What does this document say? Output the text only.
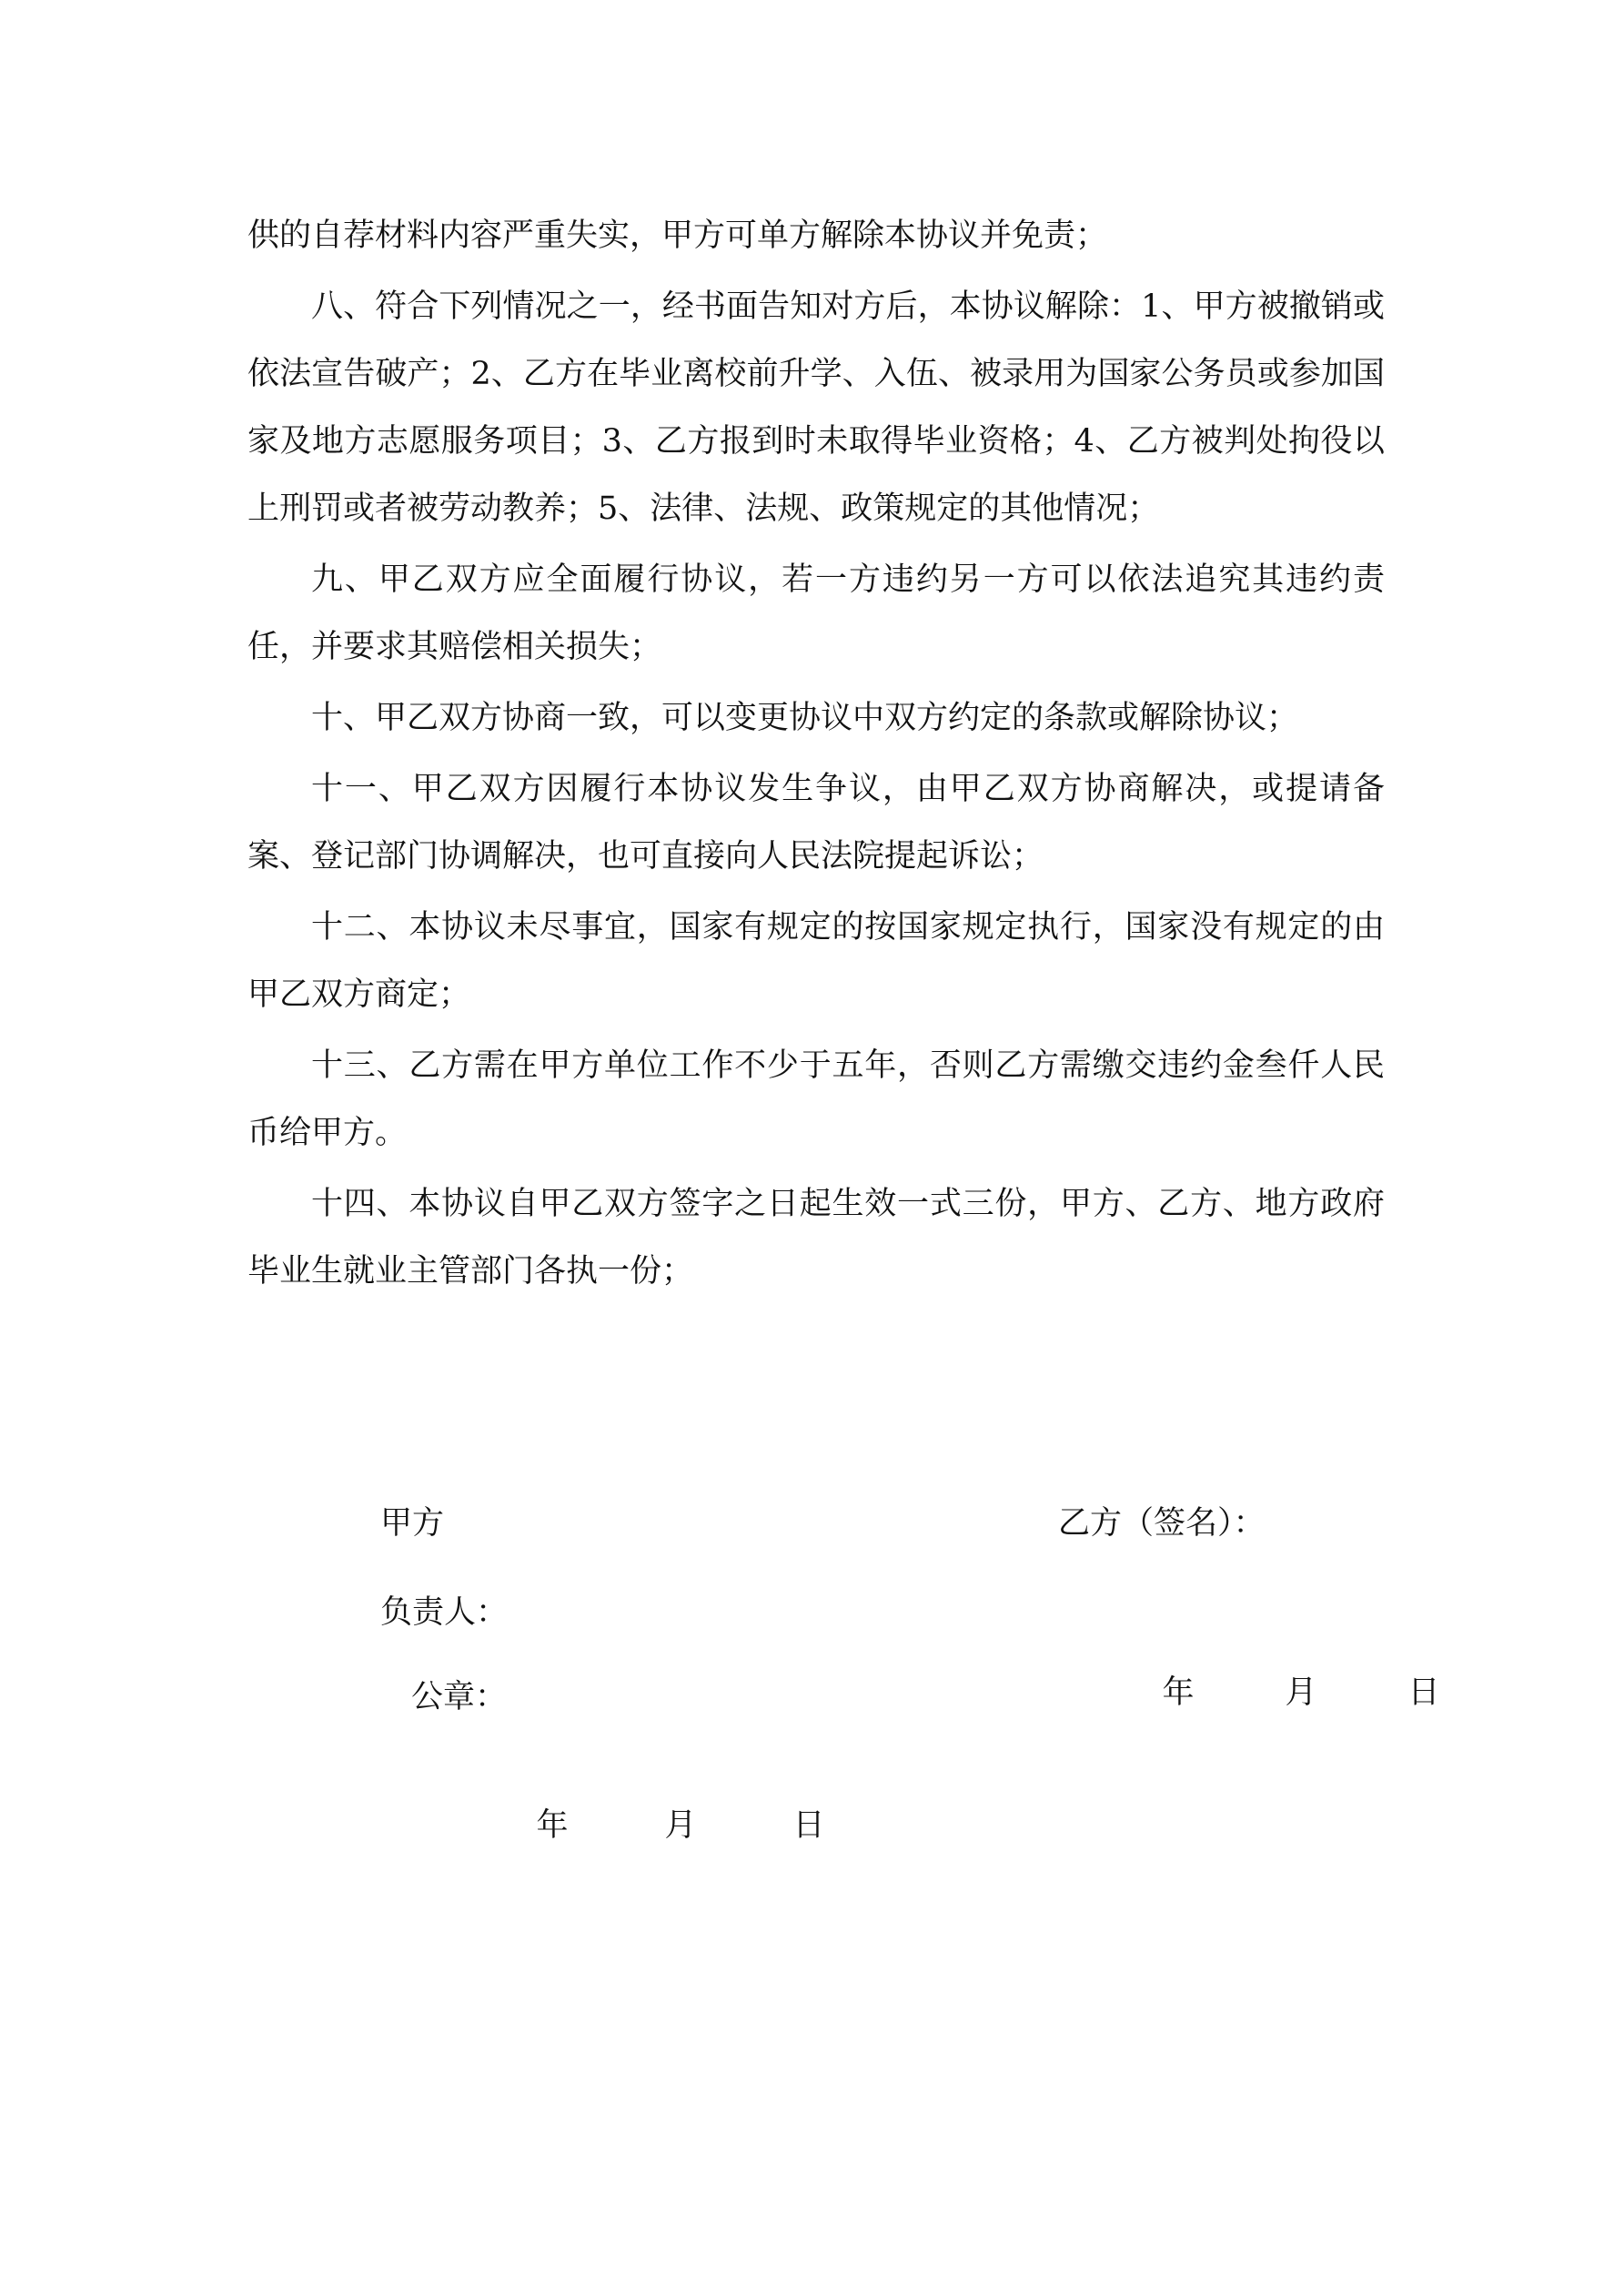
供的自荐材料内容严重失实，甲方可单方解除本协议并免责；

八、符合下列情况之一，经书面告知对方后，本协议解除：1、甲方被撤销或依法宣告破产；2、乙方在毕业离校前升学、入伍、被录用为国家公务员或参加国家及地方志愿服务项目；3、乙方报到时未取得毕业资格；4、乙方被判处拘役以上刑罚或者被劳动教养；5、法律、法规、政策规定的其他情况；

九、甲乙双方应全面履行协议，若一方违约另一方可以依法追究其违约责任，并要求其赔偿相关损失；

十、甲乙双方协商一致，可以变更协议中双方约定的条款或解除协议；

十一、甲乙双方因履行本协议发生争议，由甲乙双方协商解决，或提请备案、登记部门协调解决，也可直接向人民法院提起诉讼；

十二、本协议未尽事宜，国家有规定的按国家规定执行，国家没有规定的由甲乙双方商定；

十三、乙方需在甲方单位工作不少于五年，否则乙方需缴交违约金叁仟人民币给甲方。

十四、本协议自甲乙双方签字之日起生效一式三份，甲方、乙方、地方政府毕业生就业主管部门各执一份；

甲方	乙方（签名）：
负责人：

年	月	日

公章：

年	月	日
